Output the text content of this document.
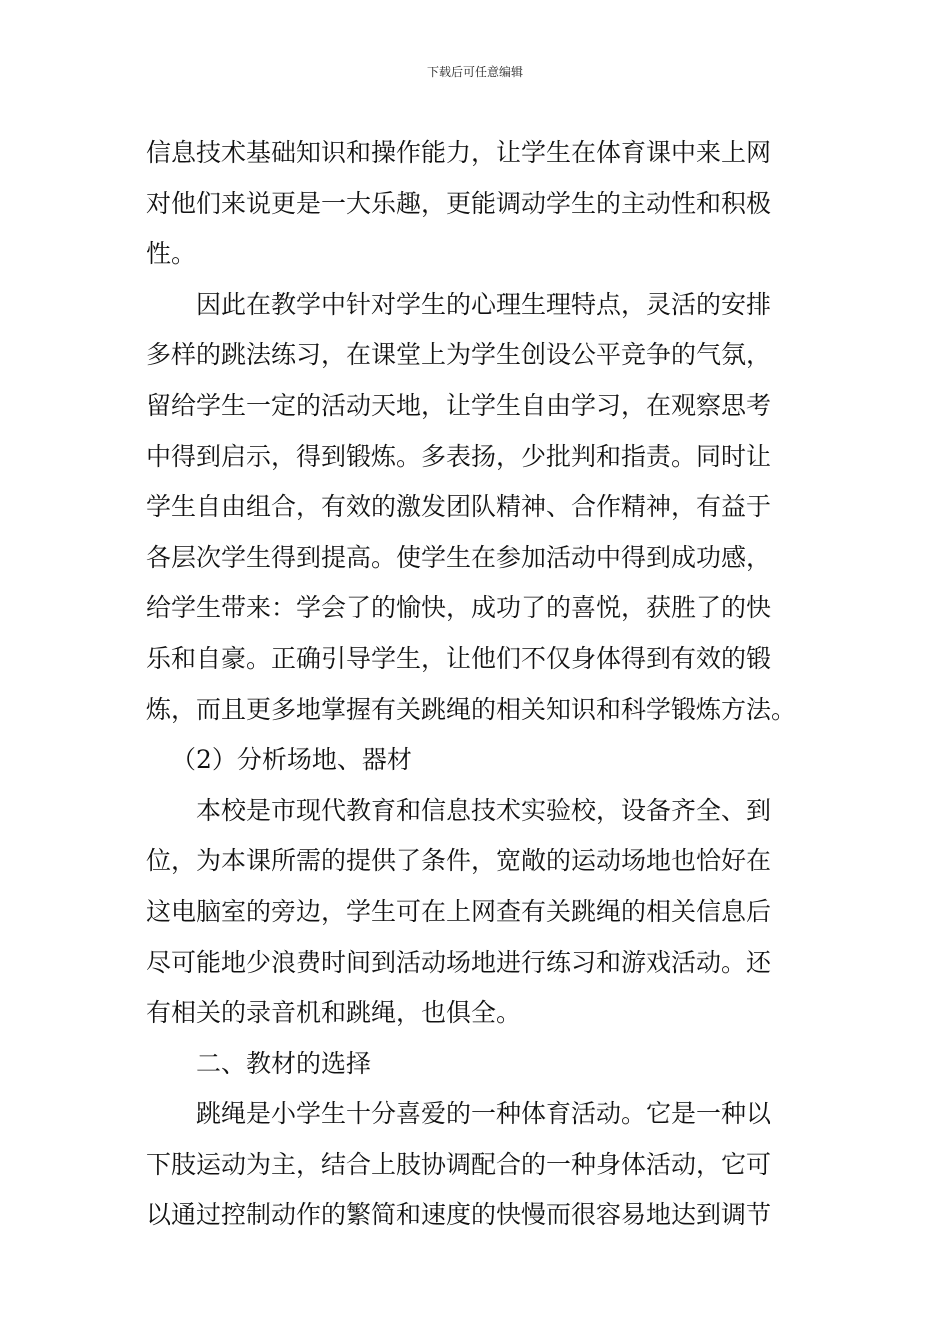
下载后可任意编辑
信息技术基础知识和操作能力，让学生在体育课中来上网
对他们来说更是一大乐趣，更能调动学生的主动性和积极
性。
因此在教学中针对学生的心理生理特点，灵活的安排
多样的跳法练习，在课堂上为学生创设公平竞争的气氛，
留给学生一定的活动天地，让学生自由学习，在观察思考
中得到启示，得到锻炼。多表扬，少批判和指责。同时让
学生自由组合，有效的激发团队精神、合作精神，有益于
各层次学生得到提高。使学生在参加活动中得到成功感，
给学生带来：学会了的愉快，成功了的喜悦，获胜了的快
乐和自豪。正确引导学生，让他们不仅身体得到有效的锻
炼，而且更多地掌握有关跳绳的相关知识和科学锻炼方法。
（2）分析场地、器材
本校是市现代教育和信息技术实验校，设备齐全、到
位，为本课所需的提供了条件，宽敞的运动场地也恰好在
这电脑室的旁边，学生可在上网查有关跳绳的相关信息后
尽可能地少浪费时间到活动场地进行练习和游戏活动。还
有相关的录音机和跳绳，也俱全。
二、教材的选择
跳绳是小学生十分喜爱的一种体育活动。它是一种以
下肢运动为主，结合上肢协调配合的一种身体活动，它可
以通过控制动作的繁简和速度的快慢而很容易地达到调节
